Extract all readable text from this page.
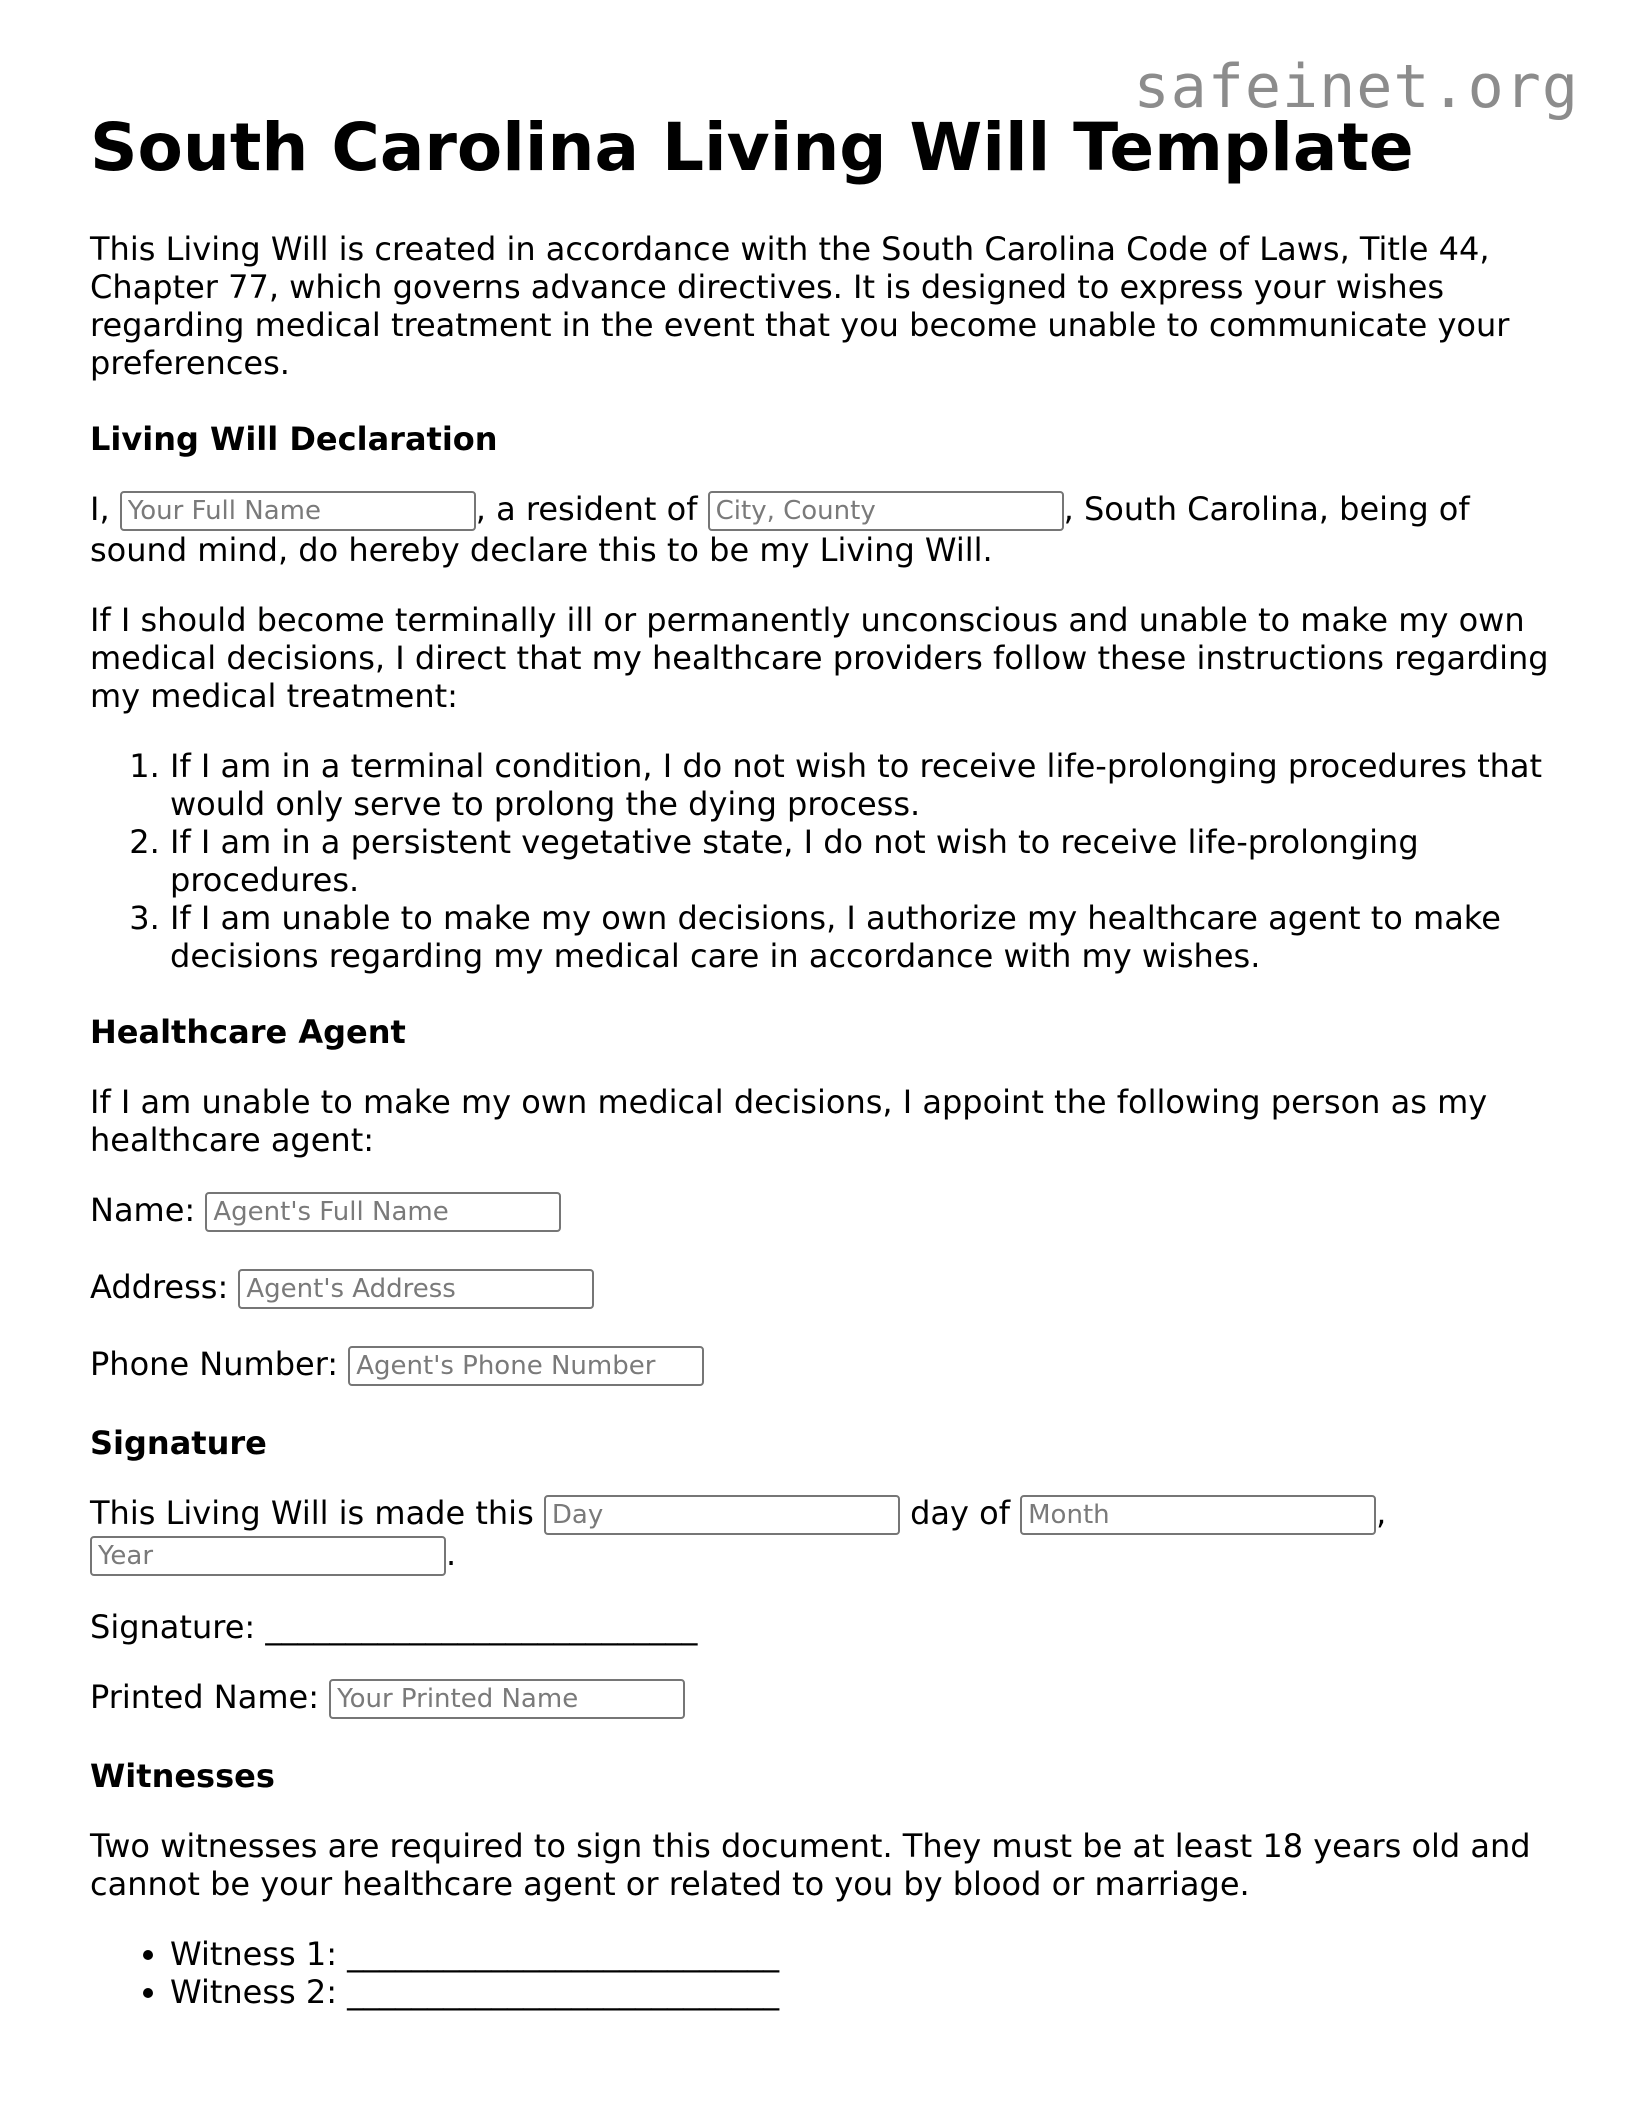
safeinet.org
South Carolina Living Will Template

This Living Will is created in accordance with the South Carolina Code of Laws, Title 44, Chapter 77, which governs advance directives. It is designed to express your wishes regarding medical treatment in the event that you become unable to communicate your preferences.

Living Will Declaration

I, Your Full Name	, a resident of City, County	, South Carolina, being of sound mind, do hereby declare this to be my Living Will.

If I should become terminally ill or permanently unconscious and unable to make my own medical decisions, I direct that my healthcare providers follow these instructions regarding my medical treatment:

1. If I am in a terminal condition, I do not wish to receive life-prolonging procedures that would only serve to prolong the dying process.
2. If I am in a persistent vegetative state, I do not wish to receive life-prolonging procedures.
3. If I am unable to make my own decisions, I authorize my healthcare agent to make decisions regarding my medical care in accordance with my wishes.
Healthcare Agent

If I am unable to make my own medical decisions, I appoint the following person as my healthcare agent:

Name: Agent's Full Name
Address: Agent's Address
Phone Number: Agent's Phone Number
Signature

This Living Will is made this Day	day of Month	,
Year.

Signature: ___________________________

Printed Name: Your Printed Name
Witnesses

Two witnesses are required to sign this document. They must be at least 18 years old and cannot be your healthcare agent or related to you by blood or marriage.

• Witness 1: ___________________________
• Witness 2: ___________________________
